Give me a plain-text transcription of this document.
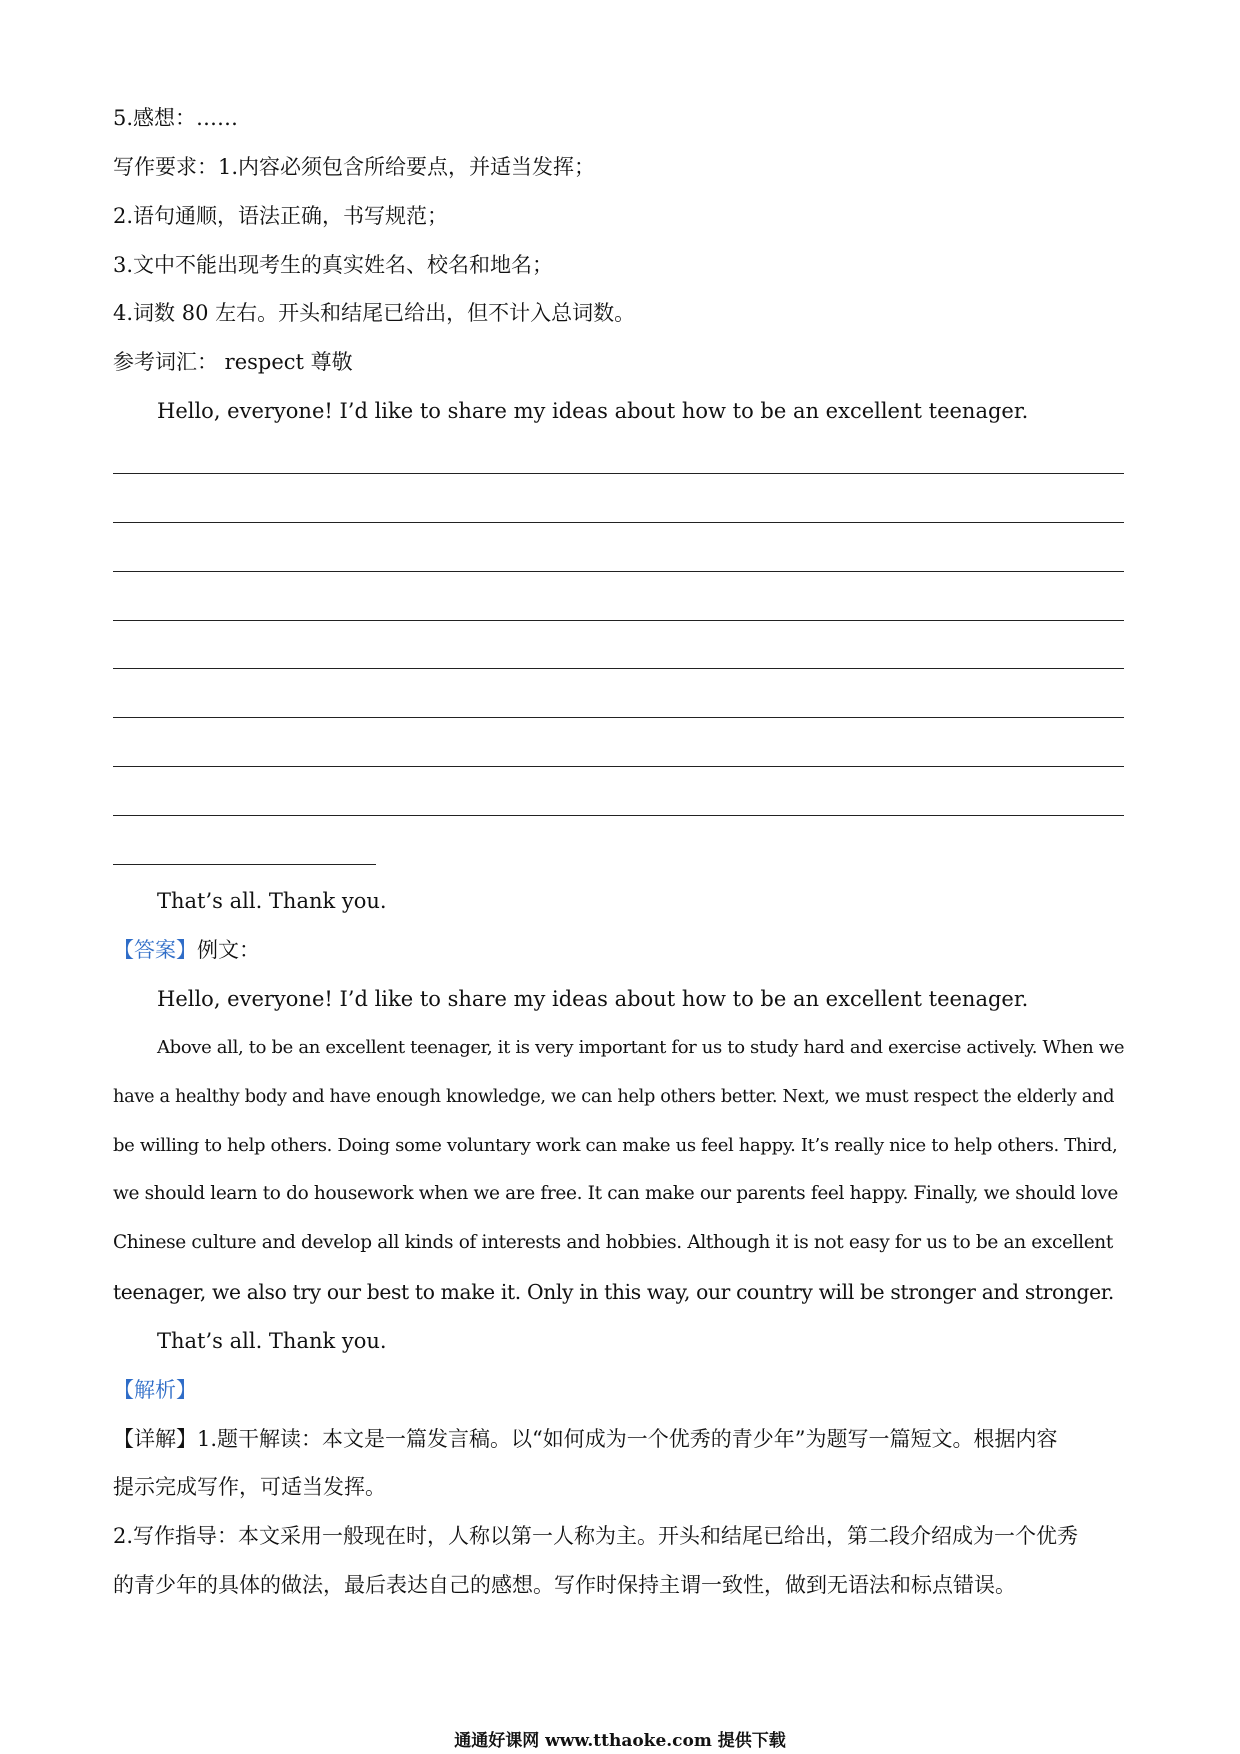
5.感想：……
写作要求：1.内容必须包含所给要点，并适当发挥；
2.语句通顺，语法正确，书写规范；
3.文中不能出现考生的真实姓名、校名和地名；
4.词数 80 左右。开头和结尾已给出，但不计入总词数。
参考词汇： respect 尊敬
Hello, everyone! I’d like to share my ideas about how to be an excellent teenager.
That’s all. Thank you.
【答案】例文：
Hello, everyone! I’d like to share my ideas about how to be an excellent teenager.
Above all, to be an excellent teenager, it is very important for us to study hard and exercise actively. When we
have a healthy body and have enough knowledge, we can help others better. Next, we must respect the elderly and
be willing to help others. Doing some voluntary work can make us feel happy. It’s really nice to help others. Third,
we should learn to do housework when we are free. It can make our parents feel happy. Finally, we should love
Chinese culture and develop all kinds of interests and hobbies. Although it is not easy for us to be an excellent
teenager, we also try our best to make it. Only in this way, our country will be stronger and stronger.
That’s all. Thank you.
【解析】
【详解】1.题干解读：本文是一篇发言稿。以“如何成为一个优秀的青少年”为题写一篇短文。根据内容
提示完成写作，可适当发挥。
2.写作指导：本文采用一般现在时，人称以第一人称为主。开头和结尾已给出，第二段介绍成为一个优秀
的青少年的具体的做法，最后表达自己的感想。写作时保持主谓一致性，做到无语法和标点错误。
通通好课网 www.tthaoke.com 提供下载
